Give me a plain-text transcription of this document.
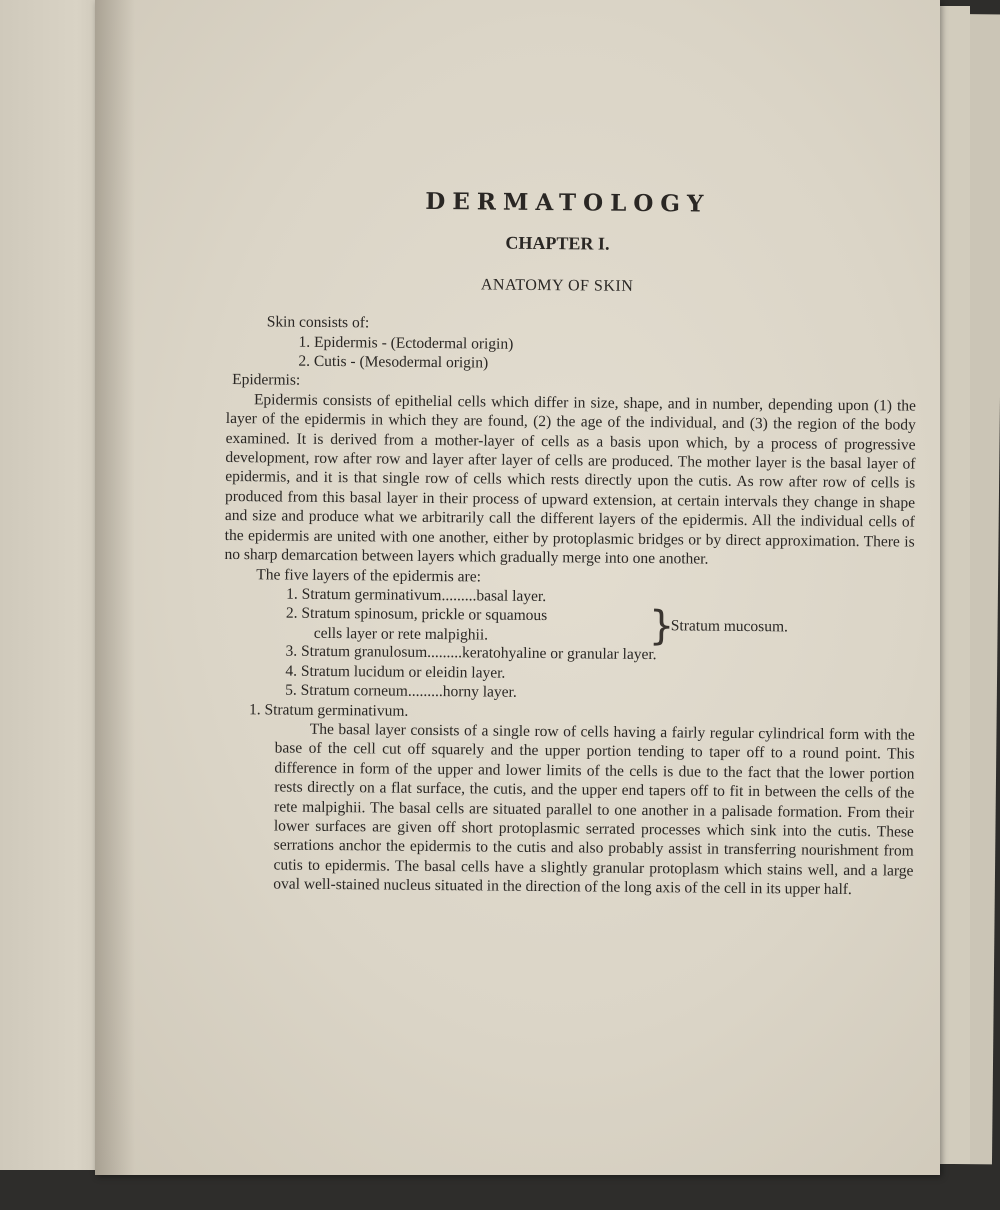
DERMATOLOGY
CHAPTER I.
ANATOMY OF SKIN

Skin consists of:

1. Epidermis - (Ectodermal origin)

2. Cutis - (Mesodermal origin)

Epidermis:

Epidermis consists of epithelial cells which differ in size, shape, and in number, depending upon (1) the layer of the epidermis in which they are found, (2) the age of the individual, and (3) the region of the body examined. It is derived from a mother-layer of cells as a basis upon which, by a process of progressive development, row after row and layer after layer of cells are produced. The mother layer is the basal layer of epidermis, and it is that single row of cells which rests directly upon the cutis. As row after row of cells is produced from this basal layer in their process of upward extension, at certain intervals they change in shape and size and produce what we arbitrarily call the different layers of the epidermis. All the individual cells of the epidermis are united with one another, either by protoplasmic bridges or by direct approximation. There is no sharp demarcation between layers which gradually merge into one another.

The five layers of the epidermis are:

1. Stratum germinativum.........basal layer.
2. Stratum spinosum, prickle or squamous
cells layer or rete malpighii.	}
Stratum mucosum.
3. Stratum granulosum.........keratohyaline or granular layer.
4. Stratum lucidum or eleidin layer.
5. Stratum corneum.........horny layer.

1. Stratum germinativum.

The basal layer consists of a single row of cells having a fairly regular cylindrical form with the base of the cell cut off squarely and the upper portion tending to taper off to a round point. This difference in form of the upper and lower limits of the cells is due to the fact that the lower portion rests directly on a flat surface, the cutis, and the upper end tapers off to fit in between the cells of the rete malpighii. The basal cells are situated parallel to one another in a palisade formation. From their lower surfaces are given off short protoplasmic serrated processes which sink into the cutis. These serrations anchor the epidermis to the cutis and also probably assist in transferring nourishment from cutis to epidermis. The basal cells have a slightly granular protoplasm which stains well, and a large oval well-stained nucleus situated in the direction of the long axis of the cell in its upper half.
